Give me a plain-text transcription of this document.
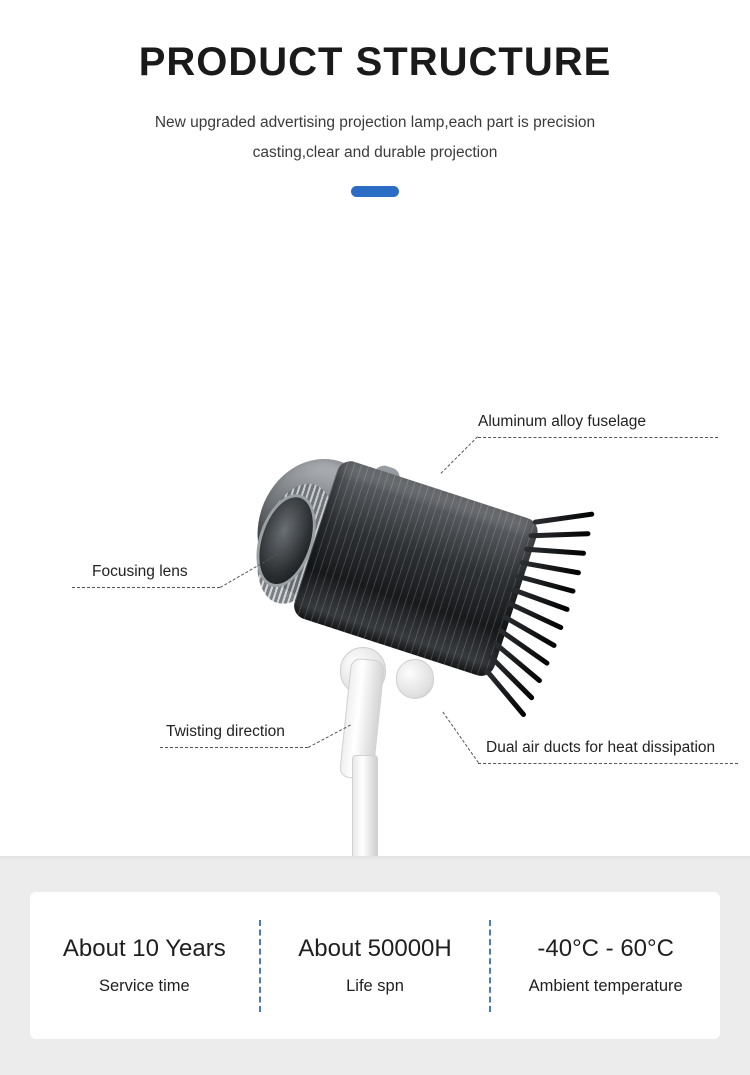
PRODUCT STRUCTURE
New upgraded advertising projection lamp,each part is precision
casting,clear and durable projection
Aluminum alloy fuselage
Focusing lens
Twisting direction
Dual air ducts for heat dissipation
About 10 Years
Service time
About 50000H
Life spn
-40°C - 60°C
Ambient temperature
